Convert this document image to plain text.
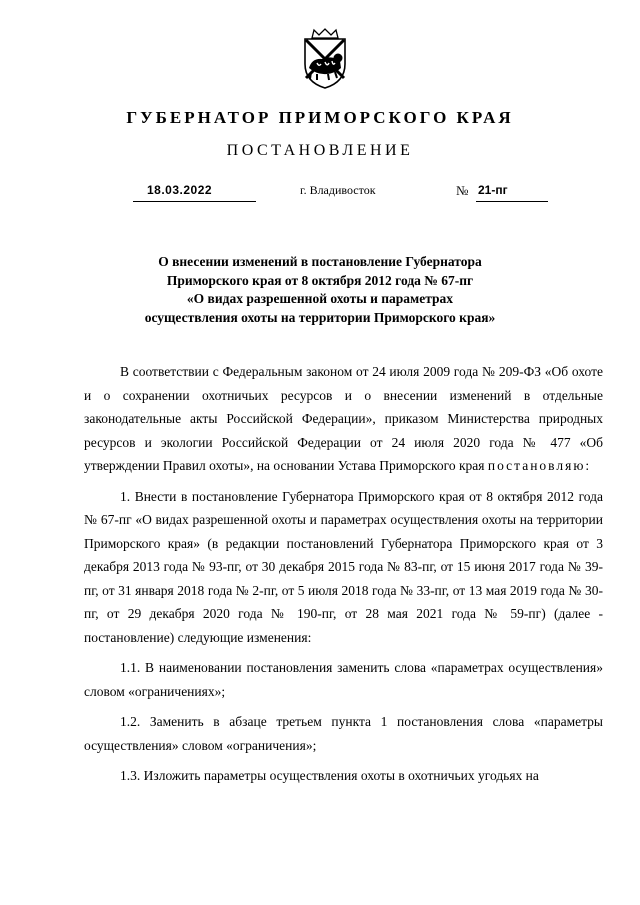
ГУБЕРНАТОР ПРИМОРСКОГО КРАЯ
ПОСТАНОВЛЕНИЕ
18.03.2022	г. Владивосток	№ 21-пг
О внесении изменений в постановление Губернатора
Приморского края от 8 октября 2012 года № 67-пг
«О видах разрешенной охоты и параметрах
осуществления охоты на территории Приморского края»

В соответствии с Федеральным законом от 24 июля 2009 года № 209-ФЗ «Об охоте и о сохранении охотничьих ресурсов и о внесении изменений в отдельные законодательные акты Российской Федерации», приказом Министерства природных ресурсов и экологии Российской Федерации от 24 июля 2020 года № 477 «Об утверждении Правил охоты», на основании Устава Приморского края постановляю:

1. Внести в постановление Губернатора Приморского края от 8 октября 2012 года № 67-пг «О видах разрешенной охоты и параметрах осуществления охоты на территории Приморского края» (в редакции постановлений Губернатора Приморского края от 3 декабря 2013 года № 93-пг, от 30 декабря 2015 года № 83-пг, от 15 июня 2017 года № 39-пг, от 31 января 2018 года № 2-пг, от 5 июля 2018 года № 33-пг, от 13 мая 2019 года № 30-пг, от 29 декабря 2020 года № 190-пг, от 28 мая 2021 года № 59-пг) (далее - постановление) следующие изменения:

1.1. В наименовании постановления заменить слова «параметрах осуществления» словом «ограничениях»;

1.2. Заменить в абзаце третьем пункта 1 постановления слова «параметры осуществления» словом «ограничения»;

1.3. Изложить параметры осуществления охоты в охотничьих угодьях на
